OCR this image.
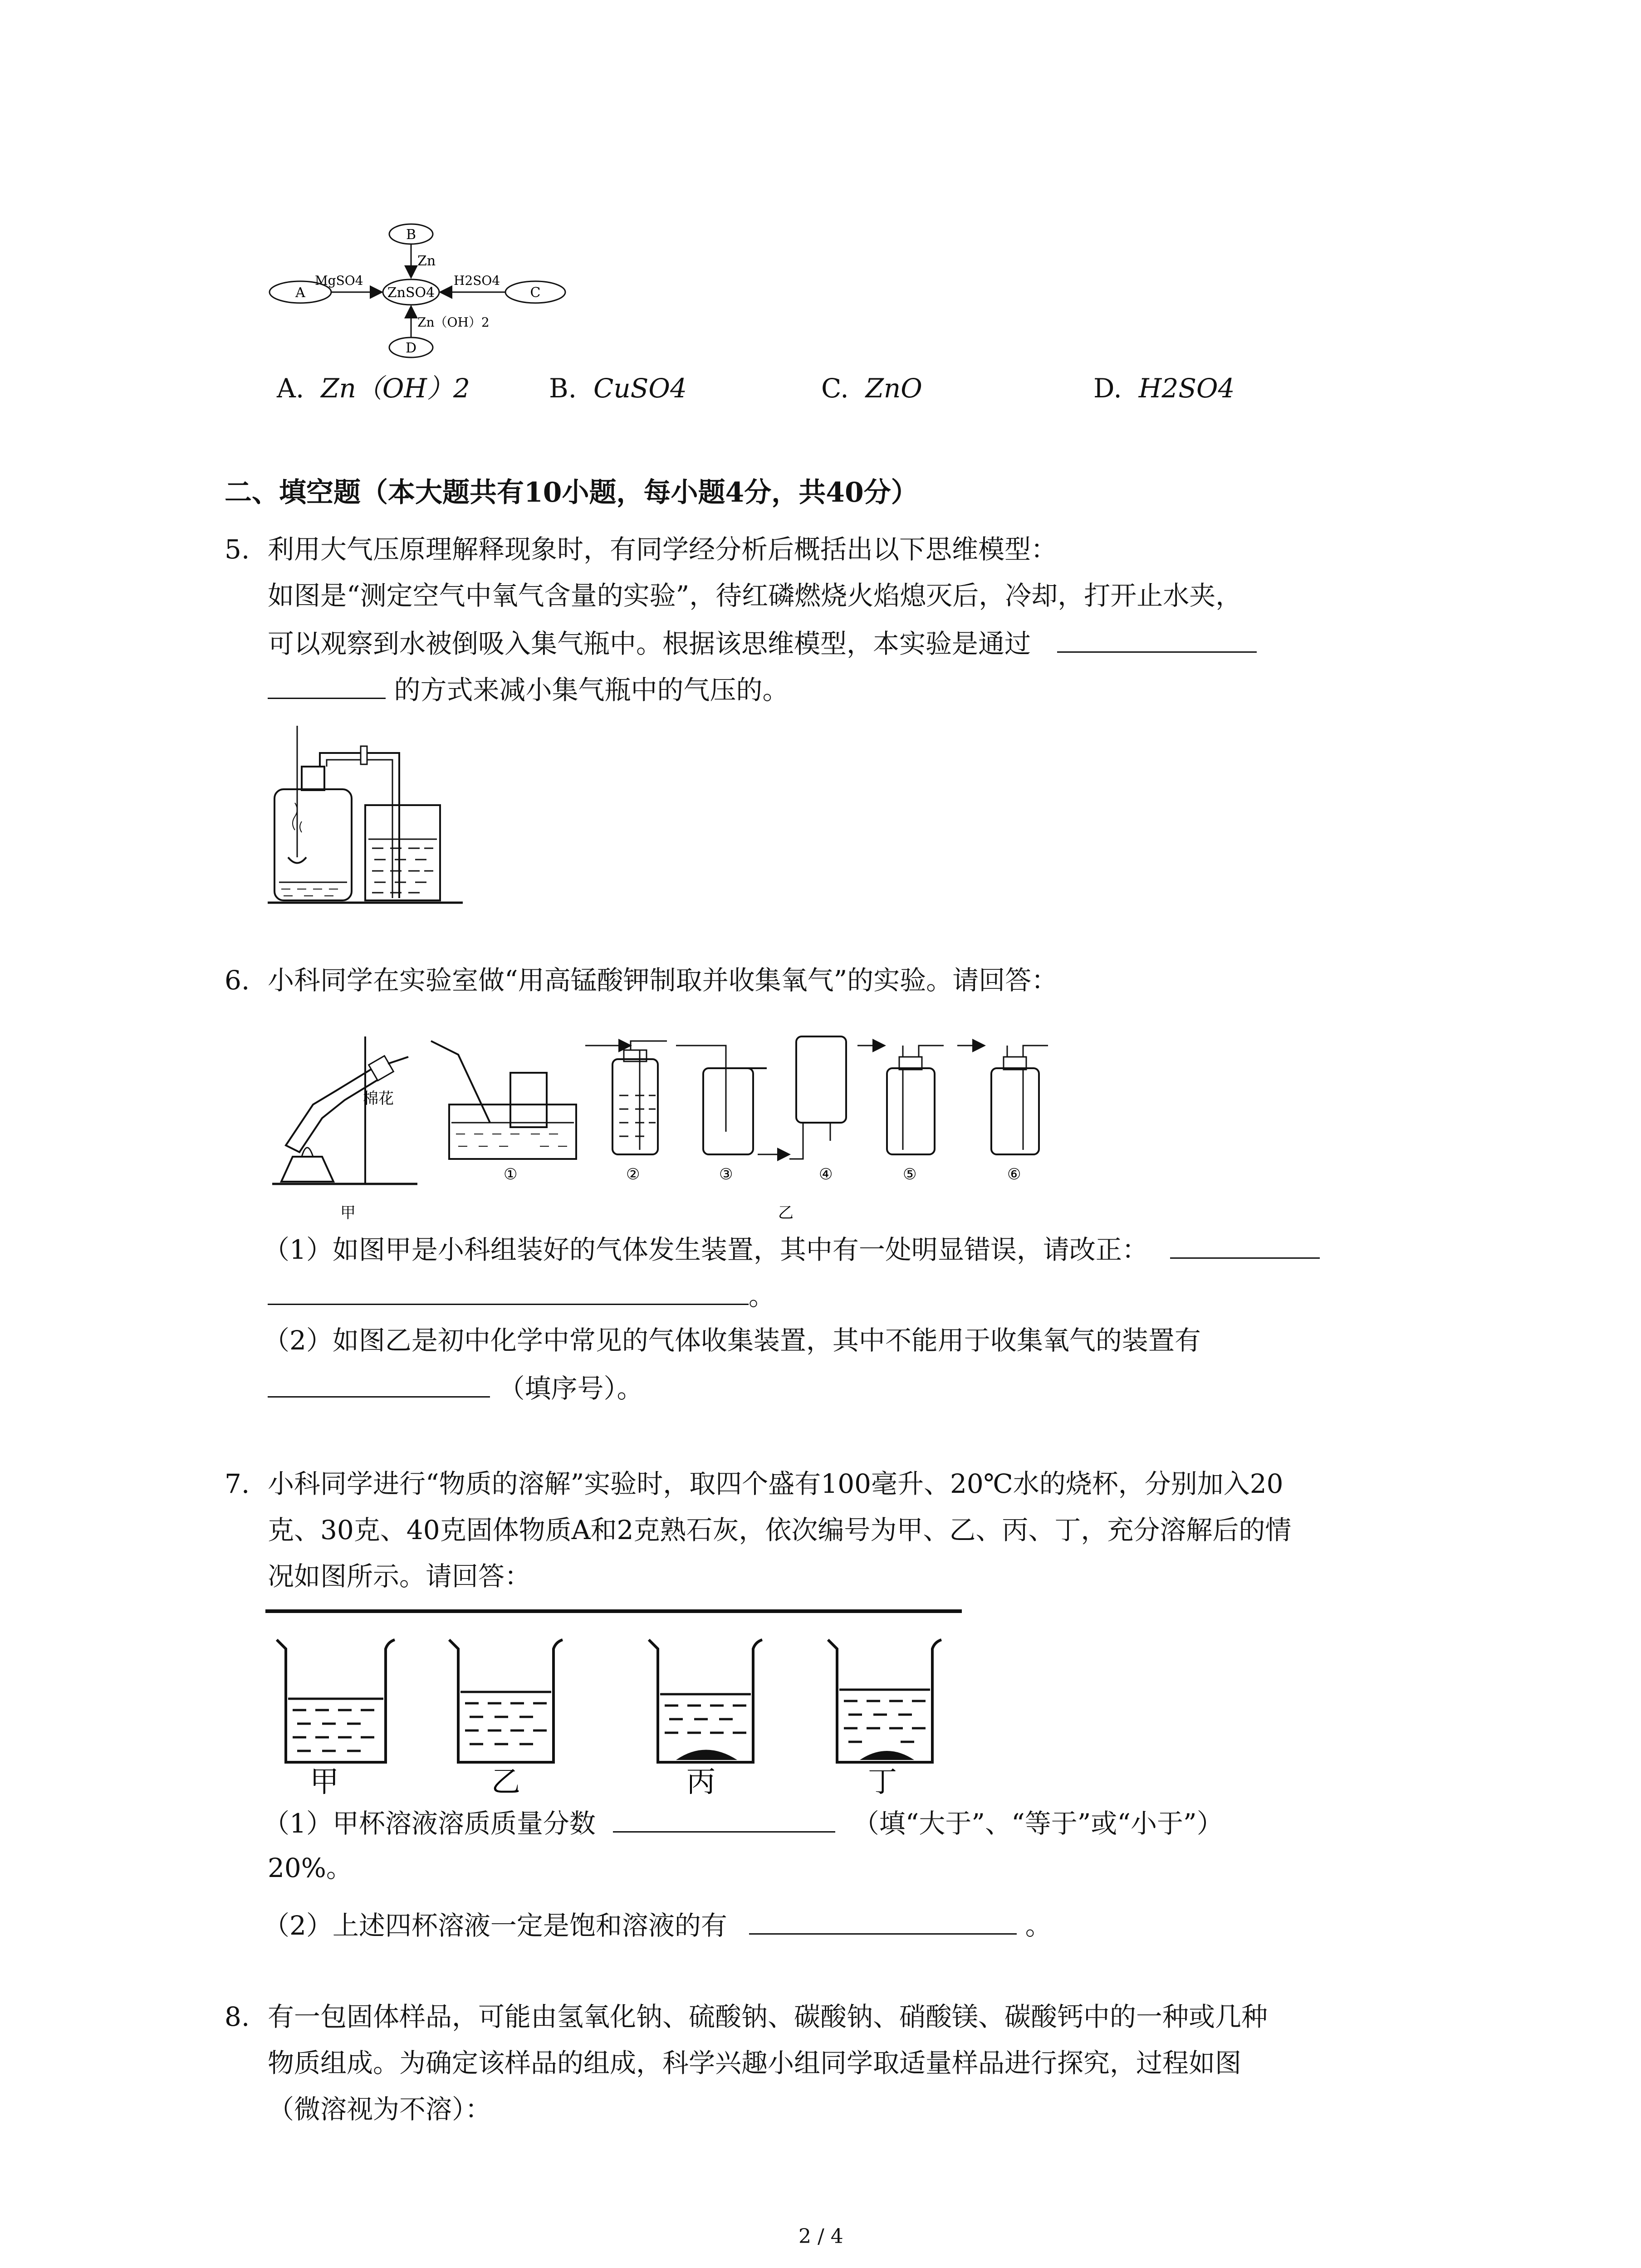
B
A	ZnSO4	C
D
Zn
MgSO4	H2SO4
Zn（OH）2
A. Zn（OH）2	B. CuSO4	C. ZnO	D. H2SO4
二、填空题（本大题共有10小题，每小题4分，共40分）
5. 利用大气压原理解释现象时，有同学经分析后概括出以下思维模型：
如图是“测定空气中氧气含量的实验”，待红磷燃烧火焰熄灭后，冷却，打开止水夹，
可以观察到水被倒吸入集气瓶中。根据该思维模型，本实验是通过
的方式来减小集气瓶中的气压的。
6. 小科同学在实验室做“用高锰酸钾制取并收集氧气”的实验。请回答：
棉花
甲
①	②	③	④
乙
⑤	⑥
（1）如图甲是小科组装好的气体发生装置，其中有一处明显错误，请改正：
。
（2）如图乙是初中化学中常见的气体收集装置，其中不能用于收集氧气的装置有
（填序号）。
7. 小科同学进行“物质的溶解”实验时，取四个盛有100毫升、20℃水的烧杯，分别加入20
克、30克、40克固体物质A和2克熟石灰，依次编号为甲、乙、丙、丁，充分溶解后的情
况如图所示。请回答：
甲	乙	丙	丁
（1）甲杯溶液溶质质量分数	（填“大于”、“等于”或“小于”）
20%。
（2）上述四杯溶液一定是饱和溶液的有	。
8. 有一包固体样品，可能由氢氧化钠、硫酸钠、碳酸钠、硝酸镁、碳酸钙中的一种或几种
物质组成。为确定该样品的组成，科学兴趣小组同学取适量样品进行探究，过程如图
（微溶视为不溶）：
2 / 4
